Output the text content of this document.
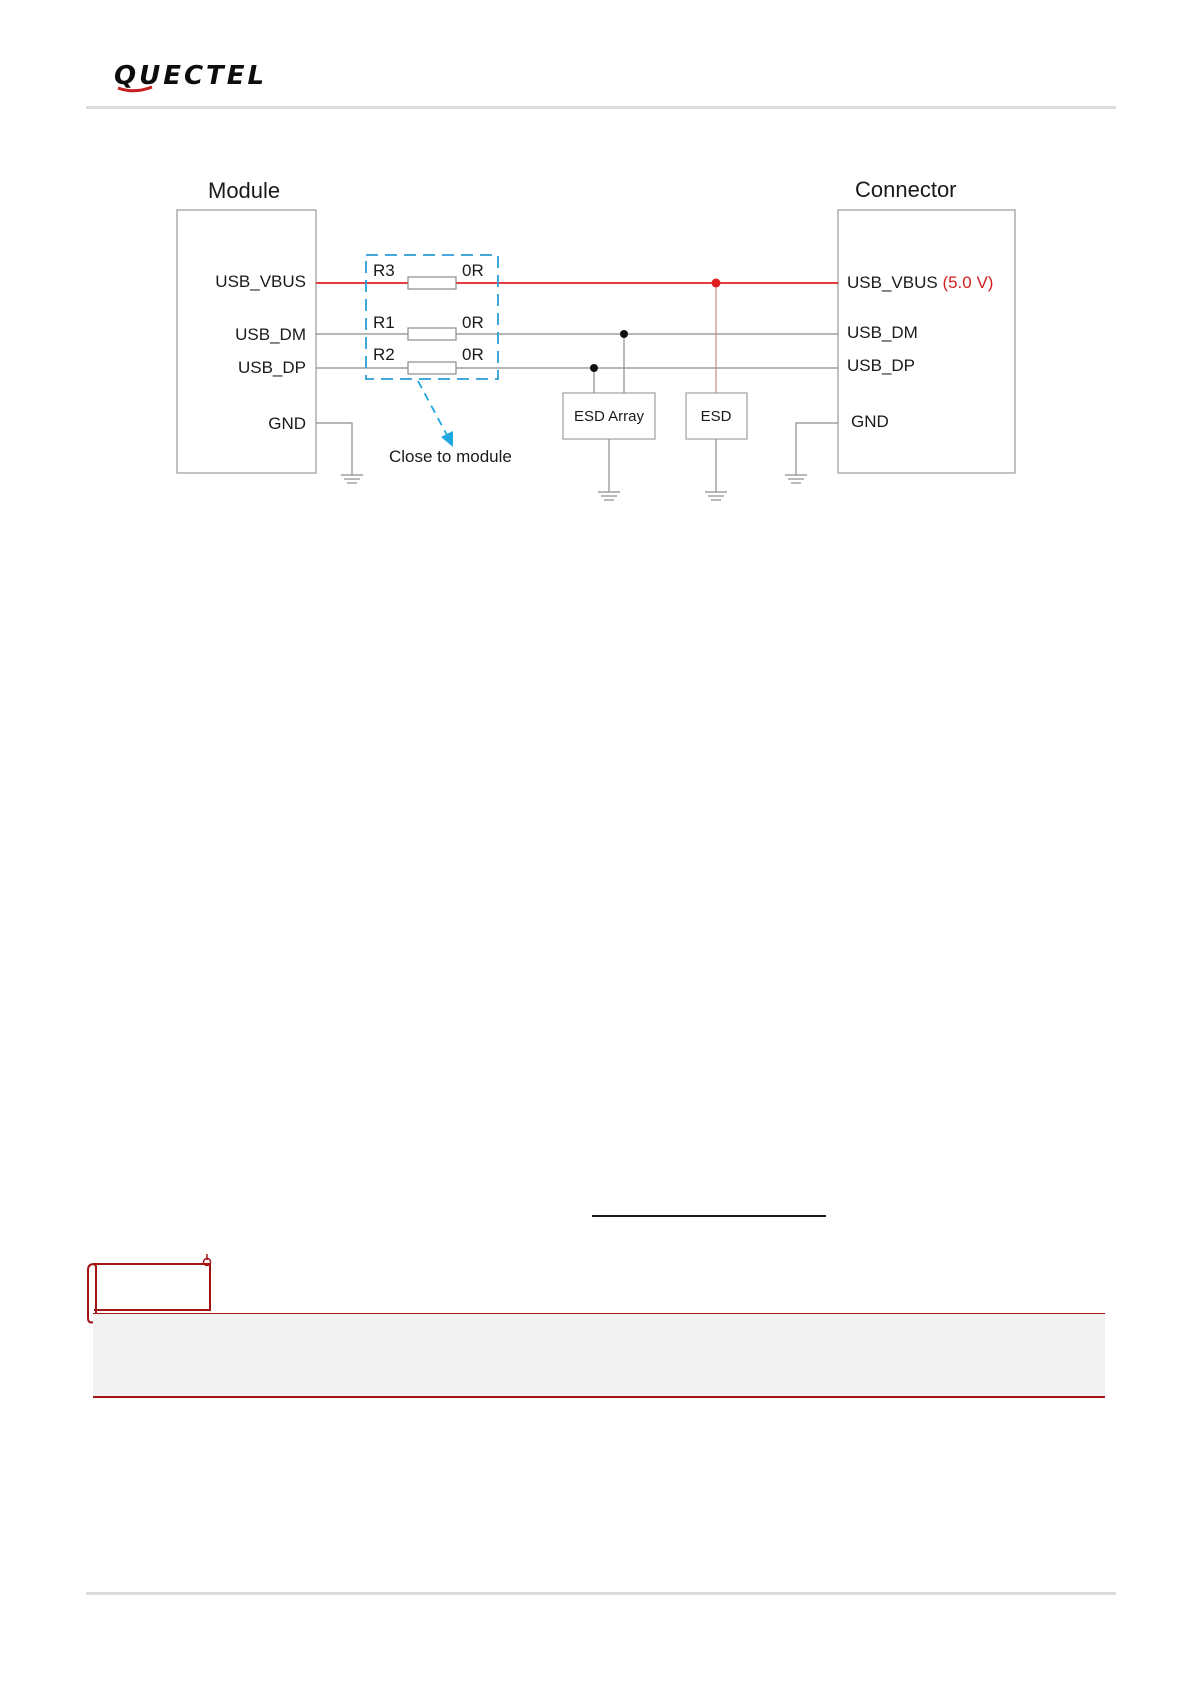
QUECTEL
Module	Connector
USB_VBUS
USB_DM
USB_DP
GND
USB_VBUS (5.0 V)
USB_DM
USB_DP
GND
R3	0R
R1	0R
R2	0R
Close to module
ESD Array	ESD
